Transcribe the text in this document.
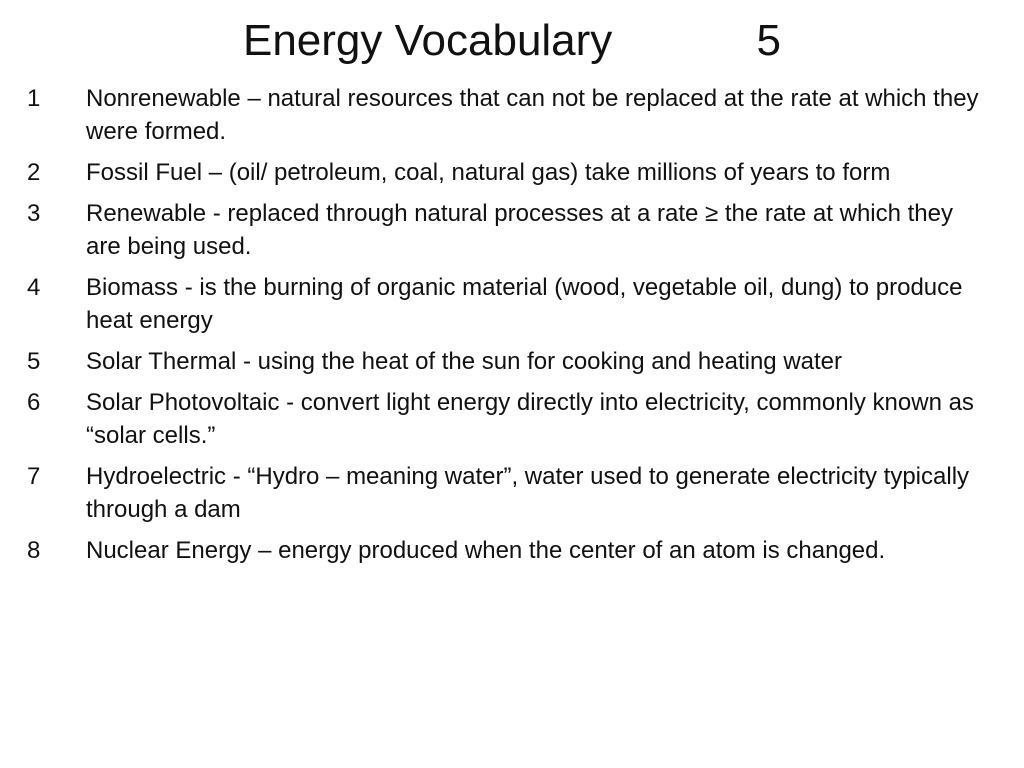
Energy Vocabulary	5
1	Nonrenewable – natural resources that can not be replaced at the rate at which they were formed.
2	Fossil Fuel – (oil/ petroleum, coal, natural gas) take millions of years to form
3	Renewable - replaced through natural processes at a rate ≥ the rate at which they are being used.
4	Biomass - is the burning of organic material (wood, vegetable oil, dung) to produce heat energy
5	Solar Thermal - using the heat of the sun for cooking and heating water
6	Solar Photovoltaic - convert light energy directly into electricity, commonly known as “solar cells.”
7	Hydroelectric - “Hydro – meaning water”, water used to generate electricity typically through a dam
8	Nuclear Energy – energy produced when the center of an atom is changed.
